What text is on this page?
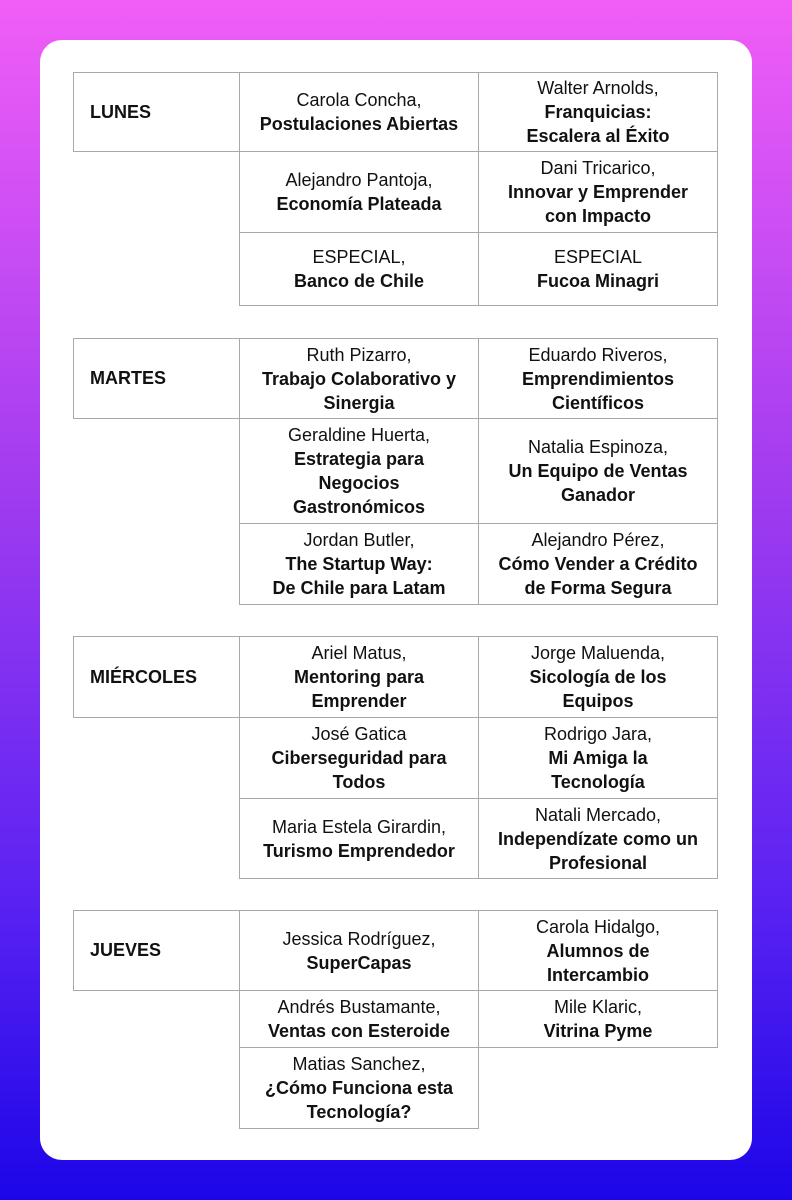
LUNES
Carola Concha,
Postulaciones Abiertas
Walter Arnolds,
Franquicias:
Escalera al Éxito
Alejandro Pantoja,
Economía Plateada
Dani Tricarico,
Innovar y Emprender
con Impacto
ESPECIAL,
Banco de Chile
ESPECIAL
Fucoa Minagri
MARTES
Ruth Pizarro,
Trabajo Colaborativo y
Sinergia
Eduardo Riveros,
Emprendimientos
Científicos
Geraldine Huerta,
Estrategia para
Negocios
Gastronómicos
Natalia Espinoza,
Un Equipo de Ventas
Ganador
Jordan Butler,
The Startup Way:
De Chile para Latam
Alejandro Pérez,
Cómo Vender a Crédito
de Forma Segura
MIÉRCOLES
Ariel Matus,
Mentoring para
Emprender
Jorge Maluenda,
Sicología de los
Equipos
José Gatica
Ciberseguridad para
Todos
Rodrigo Jara,
Mi Amiga la
Tecnología
Maria Estela Girardin,
Turismo Emprendedor
Natali Mercado,
Independízate como un
Profesional
JUEVES
Jessica Rodríguez,
SuperCapas
Carola Hidalgo,
Alumnos de
Intercambio
Andrés Bustamante,
Ventas con Esteroide
Mile Klaric,
Vitrina Pyme
Matias Sanchez,
¿Cómo Funciona esta
Tecnología?
